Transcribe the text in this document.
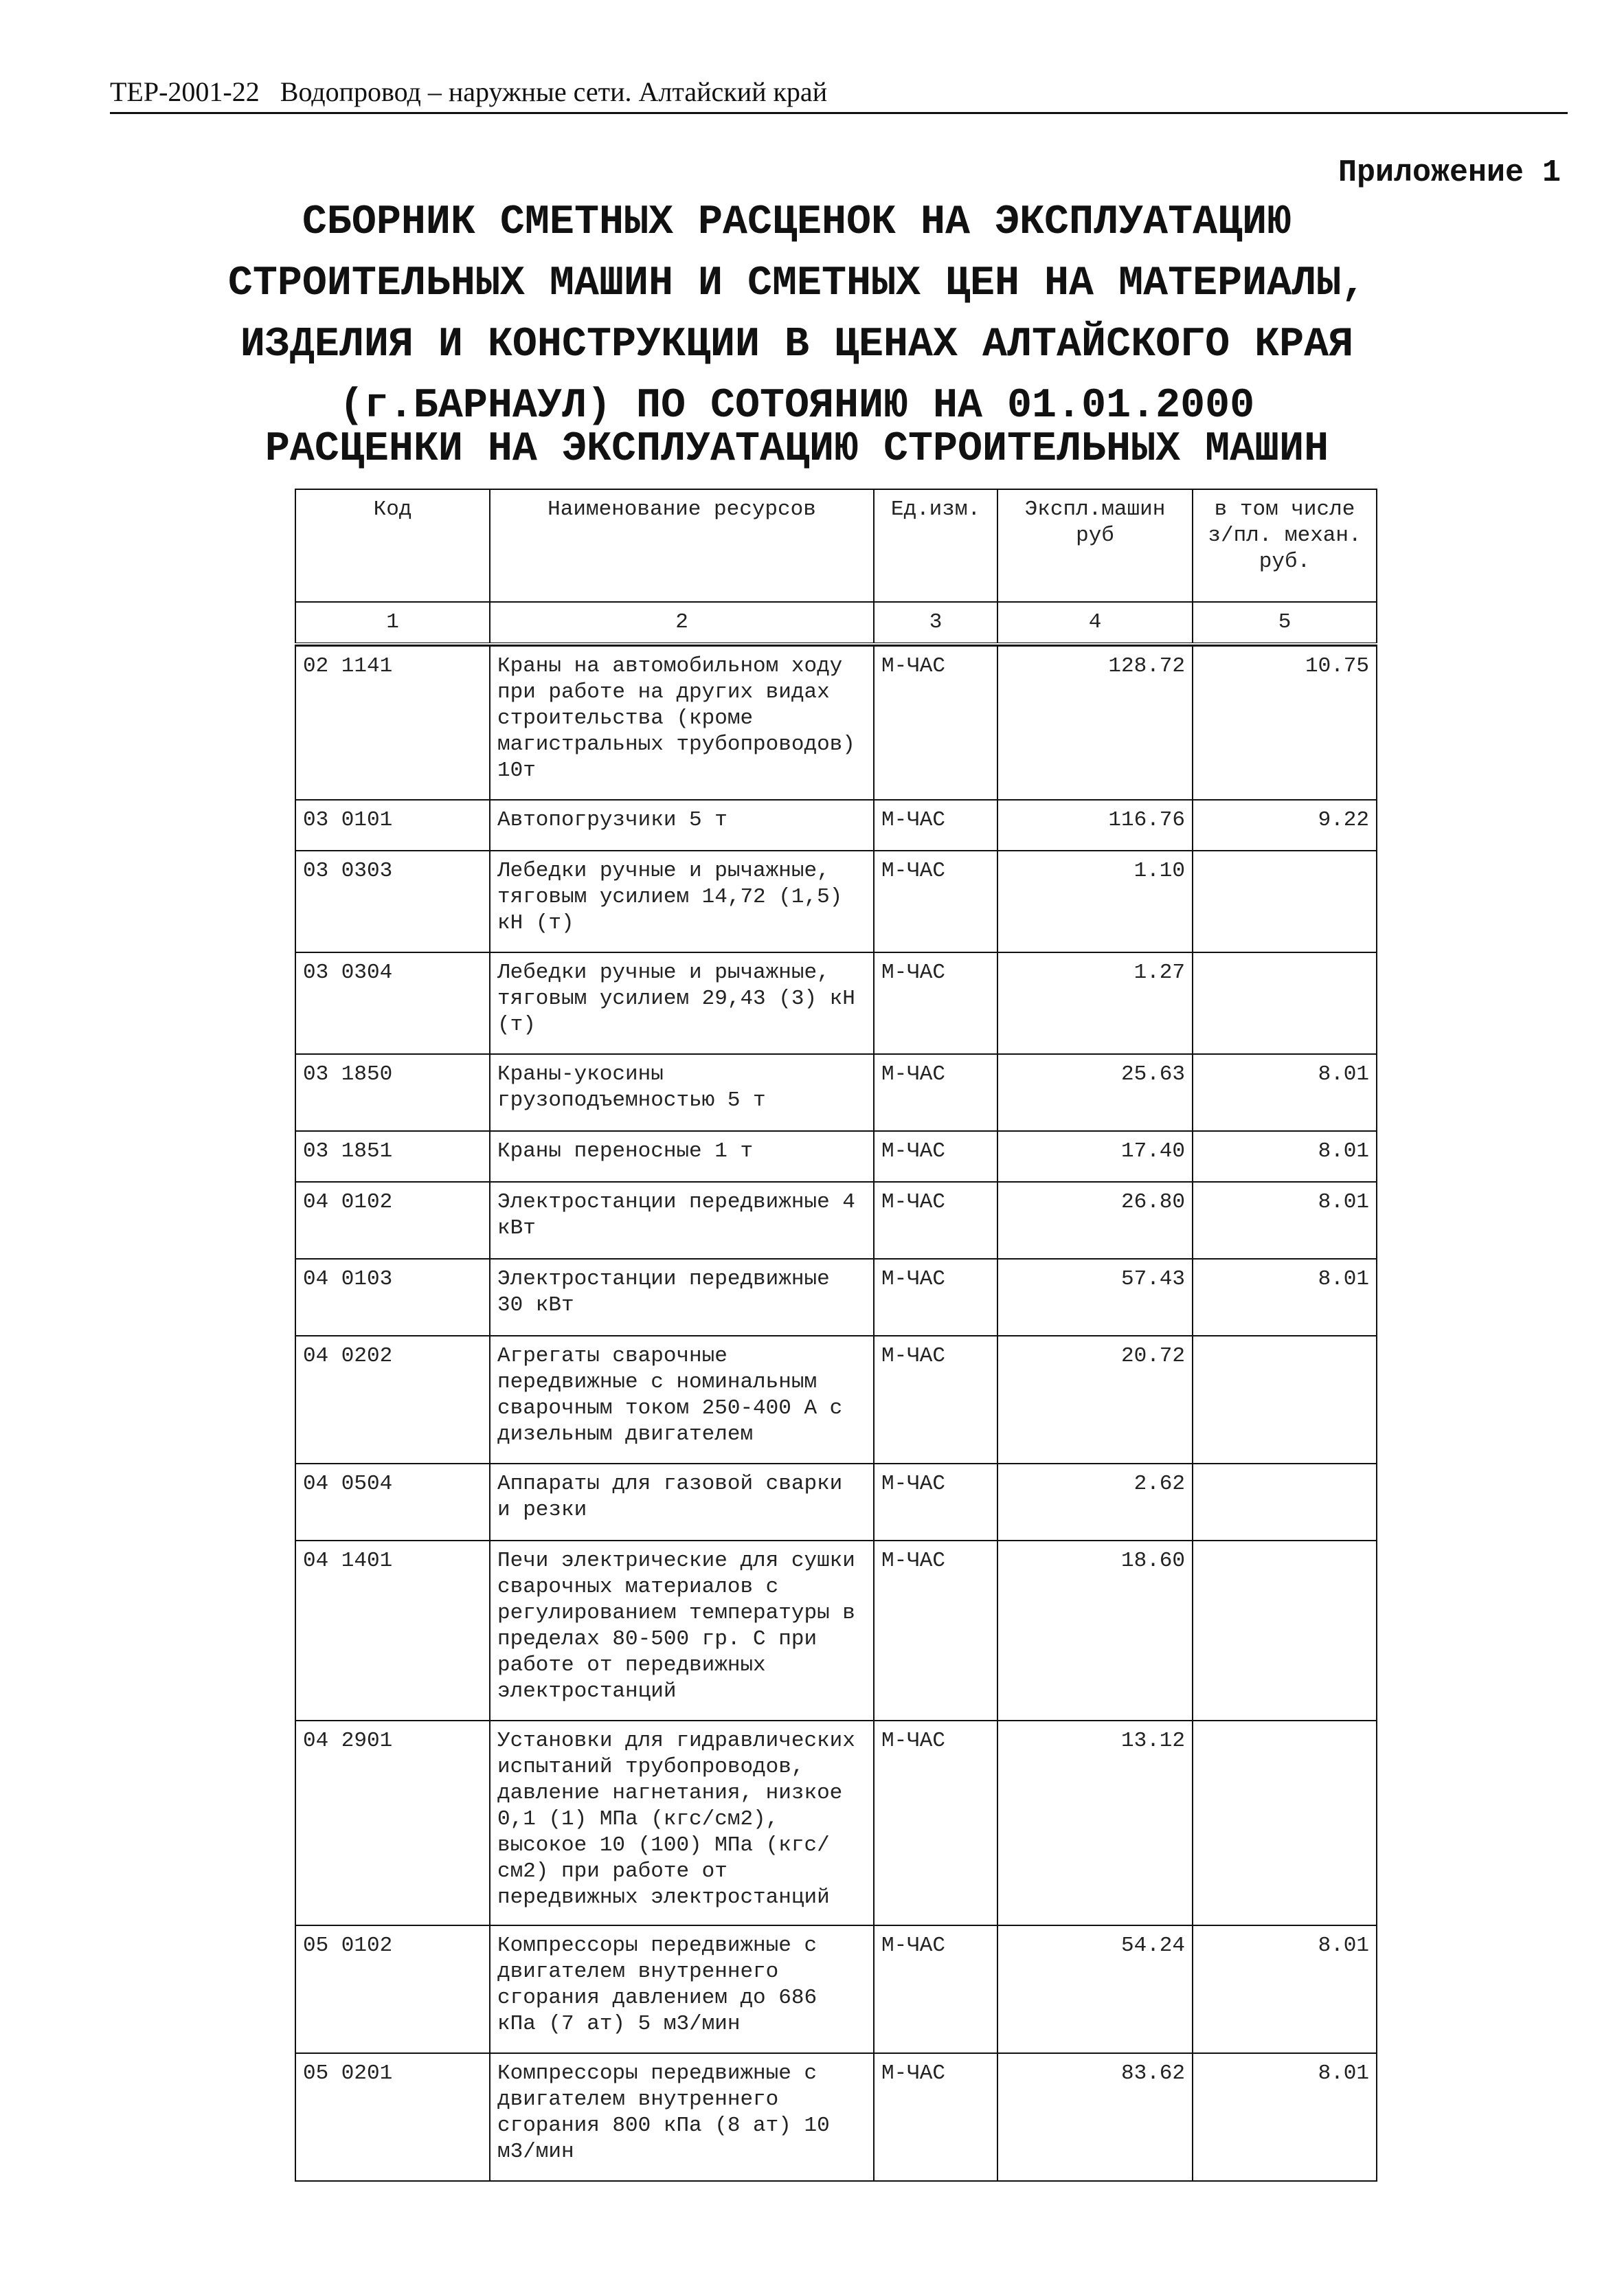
ТЕР-2001-22 Водопровод – наружные сети. Алтайский край
Приложение 1
СБОРНИК СМЕТНЫХ РАСЦЕНОК НА ЭКСПЛУАТАЦИЮ
СТРОИТЕЛЬНЫХ МАШИН И СМЕТНЫХ ЦЕН НА МАТЕРИАЛЫ,
ИЗДЕЛИЯ И КОНСТРУКЦИИ В ЦЕНАХ АЛТАЙСКОГО КРАЯ
(г.БАРНАУЛ) ПО СОТОЯНИЮ НА 01.01.2000
РАСЦЕНКИ НА ЭКСПЛУАТАЦИЮ СТРОИТЕЛЬНЫХ МАШИН
Код	Наименование ресурсов	Ед.изм.	Экспл.машин руб	в том числе з/пл. механ. руб.
1	2	3	4	5

02 1141	Краны на автомобильном ходу при работе на других видах строительства (кроме магистральных трубопроводов) 10т	М-ЧАС	128.72	10.75
03 0101	Автопогрузчики 5 т	М-ЧАС	116.76	9.22
03 0303	Лебедки ручные и рычажные, тяговым усилием 14,72 (1,5) кН (т)	М-ЧАС	1.10	
03 0304	Лебедки ручные и рычажные, тяговым усилием 29,43 (3) кН (т)	М-ЧАС	1.27	
03 1850	Краны-укосины грузоподъемностью 5 т	М-ЧАС	25.63	8.01
03 1851	Краны переносные 1 т	М-ЧАС	17.40	8.01
04 0102	Электростанции передвижные 4 кВт	М-ЧАС	26.80	8.01
04 0103	Электростанции передвижные 30 кВт	М-ЧАС	57.43	8.01
04 0202	Агрегаты сварочные передвижные с номинальным сварочным током 250-400 А с дизельным двигателем	М-ЧАС	20.72	
04 0504	Аппараты для газовой сварки и резки	М-ЧАС	2.62	
04 1401	Печи электрические для сушки сварочных материалов с регулированием температуры в пределах 80-500 гр. С при работе от передвижных электростанций	М-ЧАС	18.60	
04 2901	Установки для гидравлических испытаний трубопроводов, давление нагнетания, низкое 0,1 (1) МПа (кгс/см2), высокое 10 (100) МПа (кгс/см2) при работе от передвижных электростанций	М-ЧАС	13.12	
05 0102	Компрессоры передвижные с двигателем внутреннего сгорания давлением до 686 кПа (7 ат) 5 м3/мин	М-ЧАС	54.24	8.01
05 0201	Компрессоры передвижные с двигателем внутреннего сгорания 800 кПа (8 ат) 10 м3/мин	М-ЧАС	83.62	8.01
